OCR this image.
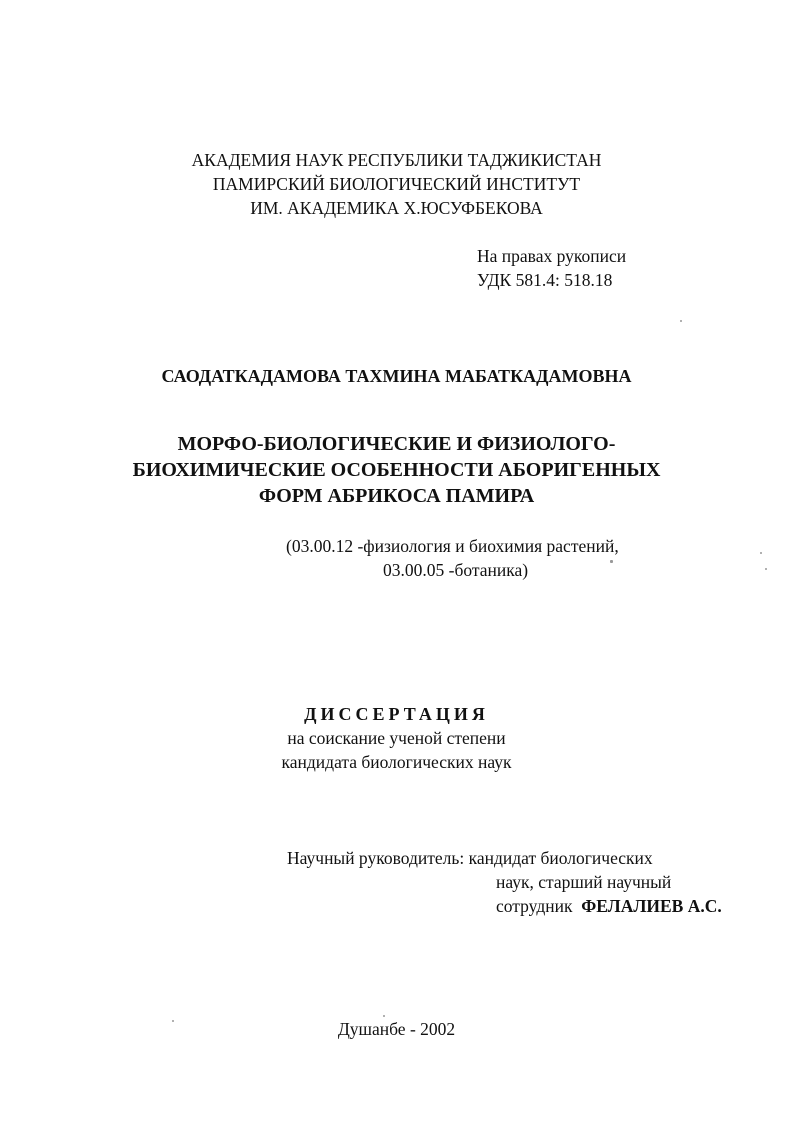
АКАДЕМИЯ НАУК РЕСПУБЛИКИ ТАДЖИКИСТАН
ПАМИРСКИЙ БИОЛОГИЧЕСКИЙ ИНСТИТУТ
ИМ. АКАДЕМИКА Х.ЮСУФБЕКОВА
На правах рукописи
УДК 581.4: 518.18
САОДАТКАДАМОВА ТАХМИНА МАБАТКАДАМОВНА
МОРФО-БИОЛОГИЧЕСКИЕ И ФИЗИОЛОГО-
БИОХИМИЧЕСКИЕ ОСОБЕННОСТИ АБОРИГЕННЫХ
ФОРМ АБРИКОСА ПАМИРА
(03.00.12 -физиология и биохимия растений,
03.00.05 -ботаника)
ДИССЕРТАЦИЯ
на соискание ученой степени
кандидата биологических наук
Научный руководитель: кандидат биологических
наук, старший научный
сотрудник ФЕЛАЛИЕВ А.С.
Душанбе - 2002
